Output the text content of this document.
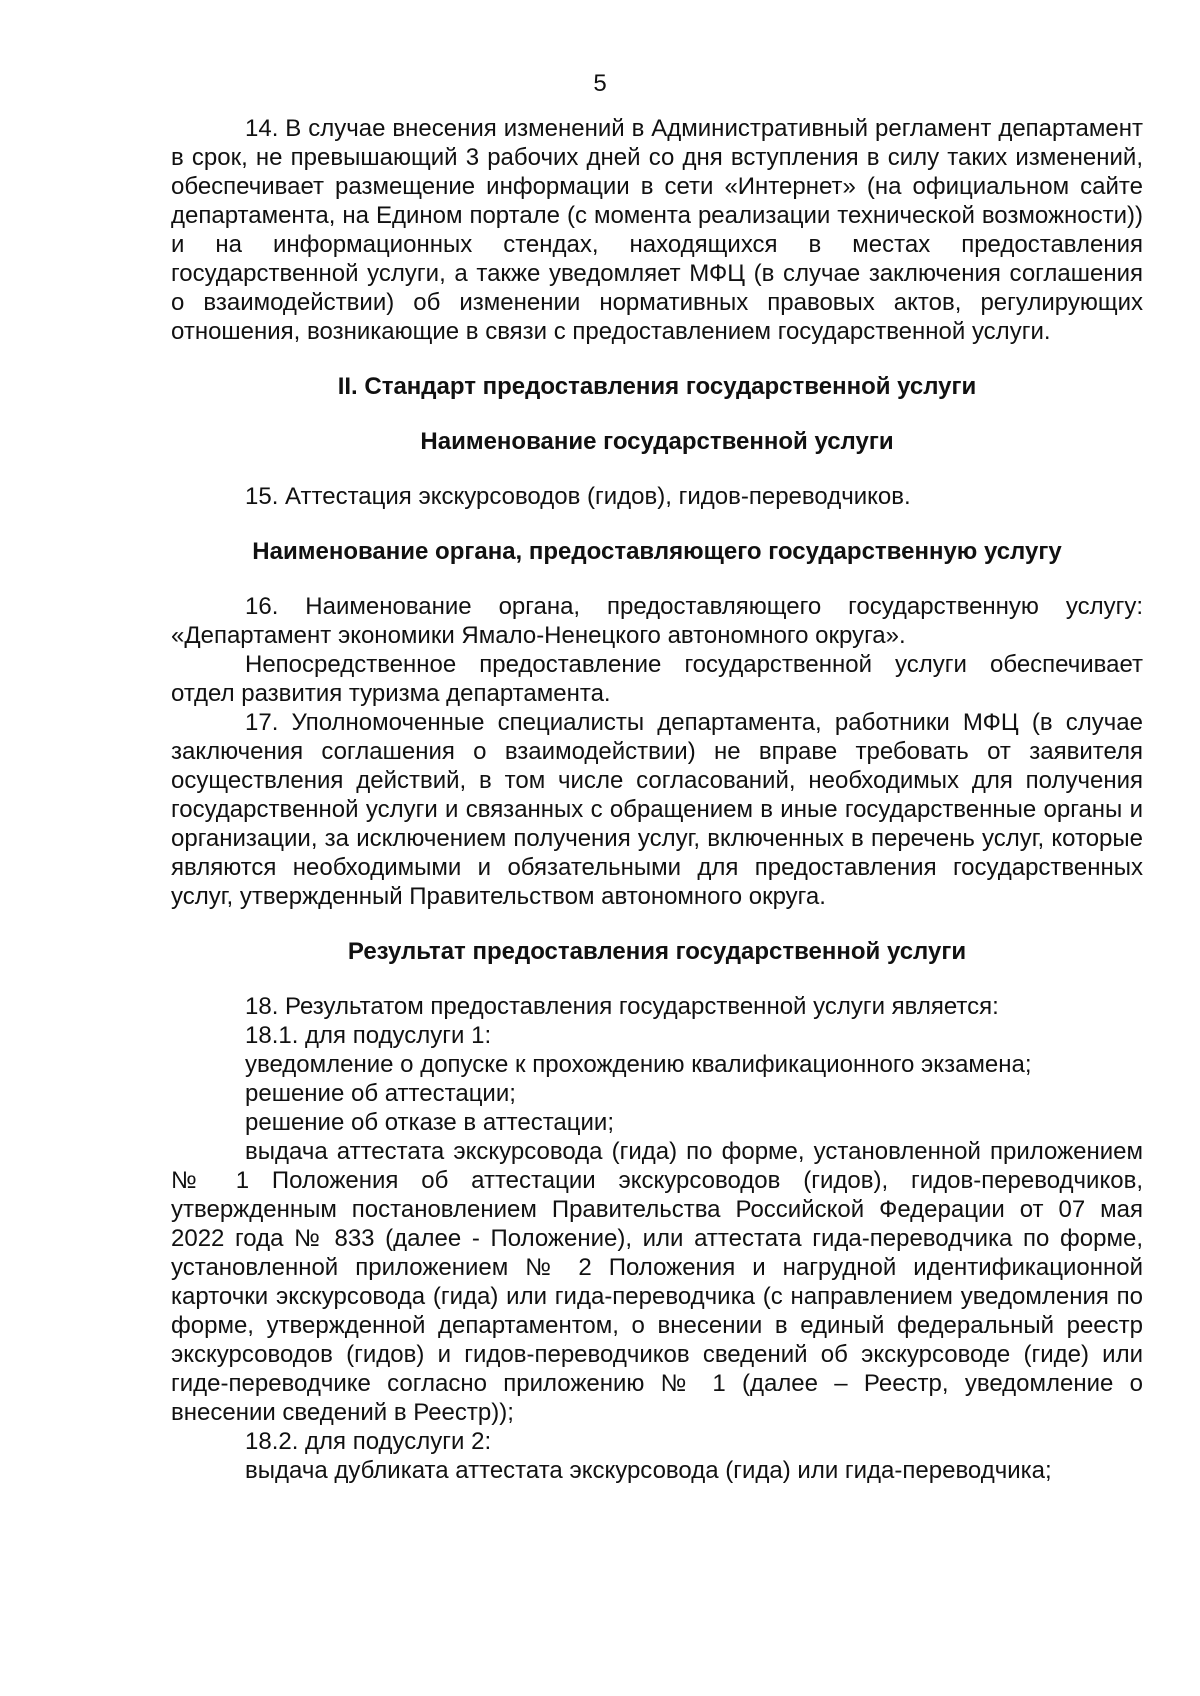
5

14. В случае внесения изменений в Административный регламент департамент в срок, не превышающий 3 рабочих дней со дня вступления в силу таких изменений, обеспечивает размещение информации в сети «Интернет» (на официальном сайте департамента, на Едином портале (с момента реализации технической возможности)) и на информационных стендах, находящихся в местах предоставления государственной услуги, а также уведомляет МФЦ (в случае заключения соглашения о взаимодействии) об изменении нормативных правовых актов, регулирующих отношения, возникающие в связи с предоставлением государственной услуги.

II. Стандарт предоставления государственной услуги

Наименование государственной услуги

15. Аттестация экскурсоводов (гидов), гидов-переводчиков.

Наименование органа, предоставляющего государственную услугу

16. Наименование органа, предоставляющего государственную услугу: «Департамент экономики Ямало-Ненецкого автономного округа».

Непосредственное предоставление государственной услуги обеспечивает отдел развития туризма департамента.

17. Уполномоченные специалисты департамента, работники МФЦ (в случае заключения соглашения о взаимодействии) не вправе требовать от заявителя осуществления действий, в том числе согласований, необходимых для получения государственной услуги и связанных с обращением в иные государственные органы и организации, за исключением получения услуг, включенных в перечень услуг, которые являются необходимыми и обязательными для предоставления государственных услуг, утвержденный Правительством автономного округа.

Результат предоставления государственной услуги

18. Результатом предоставления государственной услуги является:

18.1. для подуслуги 1:

уведомление о допуске к прохождению квалификационного экзамена;

решение об аттестации;

решение об отказе в аттестации;

выдача аттестата экскурсовода (гида) по форме, установленной приложением № 1 Положения об аттестации экскурсоводов (гидов), гидов-переводчиков, утвержденным постановлением Правительства Российской Федерации от 07 мая 2022 года № 833 (далее - Положение), или аттестата гида-переводчика по форме, установленной приложением № 2 Положения и нагрудной идентификационной карточки экскурсовода (гида) или гида-переводчика (с направлением уведомления по форме, утвержденной департаментом, о внесении в единый федеральный реестр экскурсоводов (гидов) и гидов-переводчиков сведений об экскурсоводе (гиде) или гиде-переводчике согласно приложению № 1 (далее – Реестр, уведомление о внесении сведений в Реестр));

18.2. для подуслуги 2:

выдача дубликата аттестата экскурсовода (гида) или гида-переводчика;
